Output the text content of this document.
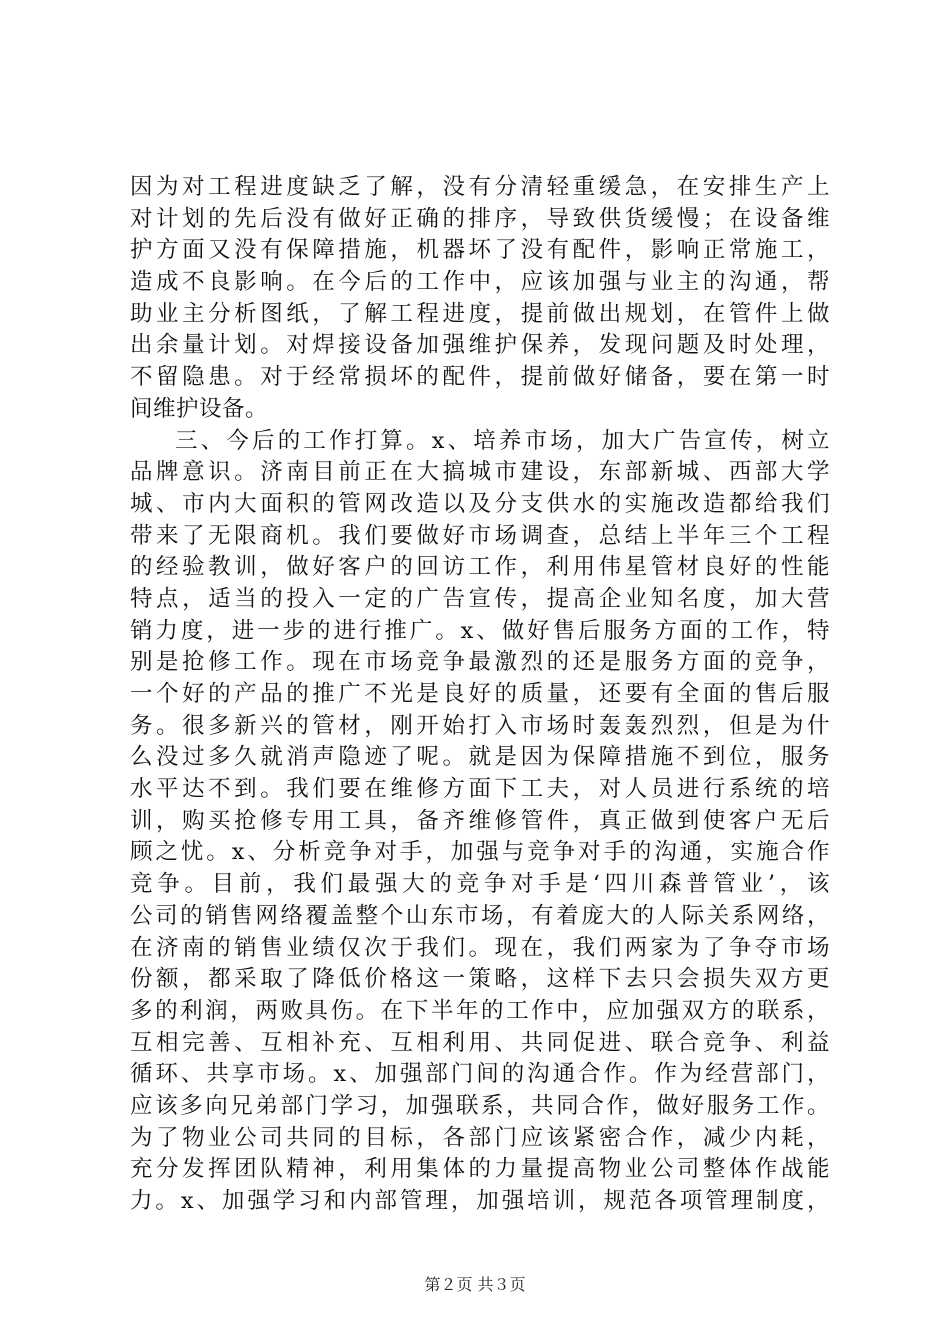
因为对工程进度缺乏了解，没有分清轻重缓急，在安排生产上
对计划的先后没有做好正确的排序，导致供货缓慢；在设备维
护方面又没有保障措施，机器坏了没有配件，影响正常施工，
造成不良影响。在今后的工作中，应该加强与业主的沟通，帮
助业主分析图纸，了解工程进度，提前做出规划，在管件上做
出余量计划。对焊接设备加强维护保养，发现问题及时处理，
不留隐患。对于经常损坏的配件，提前做好储备，要在第一时
间维护设备。
三、今后的工作打算。x、培养市场，加大广告宣传，树立
品牌意识。济南目前正在大搞城市建设，东部新城、西部大学
城、市内大面积的管网改造以及分支供水的实施改造都给我们
带来了无限商机。我们要做好市场调查，总结上半年三个工程
的经验教训，做好客户的回访工作，利用伟星管材良好的性能
特点，适当的投入一定的广告宣传，提高企业知名度，加大营
销力度，进一步的进行推广。x、做好售后服务方面的工作，特
别是抢修工作。现在市场竞争最激烈的还是服务方面的竞争，
一个好的产品的推广不光是良好的质量，还要有全面的售后服
务。很多新兴的管材，刚开始打入市场时轰轰烈烈，但是为什
么没过多久就消声隐迹了呢。就是因为保障措施不到位，服务
水平达不到。我们要在维修方面下工夫，对人员进行系统的培
训，购买抢修专用工具，备齐维修管件，真正做到使客户无后
顾之忧。x、分析竞争对手，加强与竞争对手的沟通，实施合作
竞争。目前，我们最强大的竞争对手是‘四川森普管业’，该
公司的销售网络覆盖整个山东市场，有着庞大的人际关系网络，
在济南的销售业绩仅次于我们。现在，我们两家为了争夺市场
份额，都采取了降低价格这一策略，这样下去只会损失双方更
多的利润，两败具伤。在下半年的工作中，应加强双方的联系，
互相完善、互相补充、互相利用、共同促进、联合竞争、利益
循环、共享市场。x、加强部门间的沟通合作。作为经营部门，
应该多向兄弟部门学习，加强联系，共同合作，做好服务工作。
为了物业公司共同的目标，各部门应该紧密合作，减少内耗，
充分发挥团队精神，利用集体的力量提高物业公司整体作战能
力。x、加强学习和内部管理，加强培训，规范各项管理制度，
第２页 共３页
